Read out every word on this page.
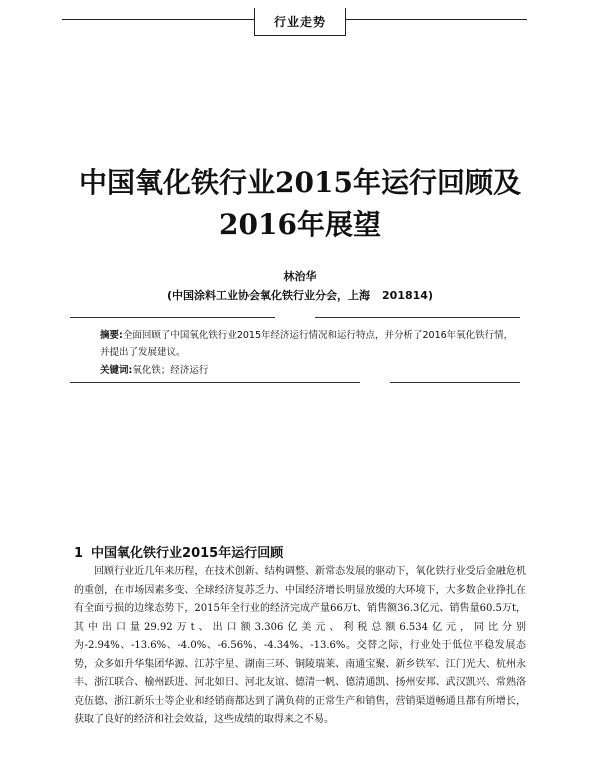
行业走势
中国氧化铁行业2015年运行回顾及
2016年展望
林治华
(中国涂料工业协会氧化铁行业分会，上海 201814)
摘要:全面回顾了中国氧化铁行业2015年经济运行情况和运行特点，并分析了2016年氧化铁行情，并提出了发展建议。
关键词:氧化铁；经济运行
1 中国氧化铁行业2015年运行回顾
回顾行业近几年来历程，在技术创新、结构调整、新常态发展的驱动下，氧化铁行业受后金融危机的重创，在市场因素多变、全球经济复苏乏力、中国经济增长明显放缓的大环境下，大多数企业挣扎在有全面亏损的边缘态势下，2015年全行业的经济完成产量66万t、销售额36.3亿元、销售量60.5万t，其中出口量29.92万t、出口额3.306亿美元、利税总额6.534亿元，同比分别为-2.94%、-13.6%、-4.0%、-6.56%、-4.34%、-13.6%。交替之际，行业处于低位平稳发展态势，众多如升华集团华源、江苏宇星、湖南三环、铜陵瑞莱、南通宝聚、新乡铁军、江门光大、杭州永丰、浙江联合、榆州跃进、河北如日、河北友谊、德清一帆、德清通凯、扬州安邦、武汉凯兴、常熟洛克伍德、浙江新乐士等企业和经销商都达到了满负荷的正常生产和销售，营销渠道畅通且都有所增长，获取了良好的经济和社会效益，这些成绩的取得来之不易。
